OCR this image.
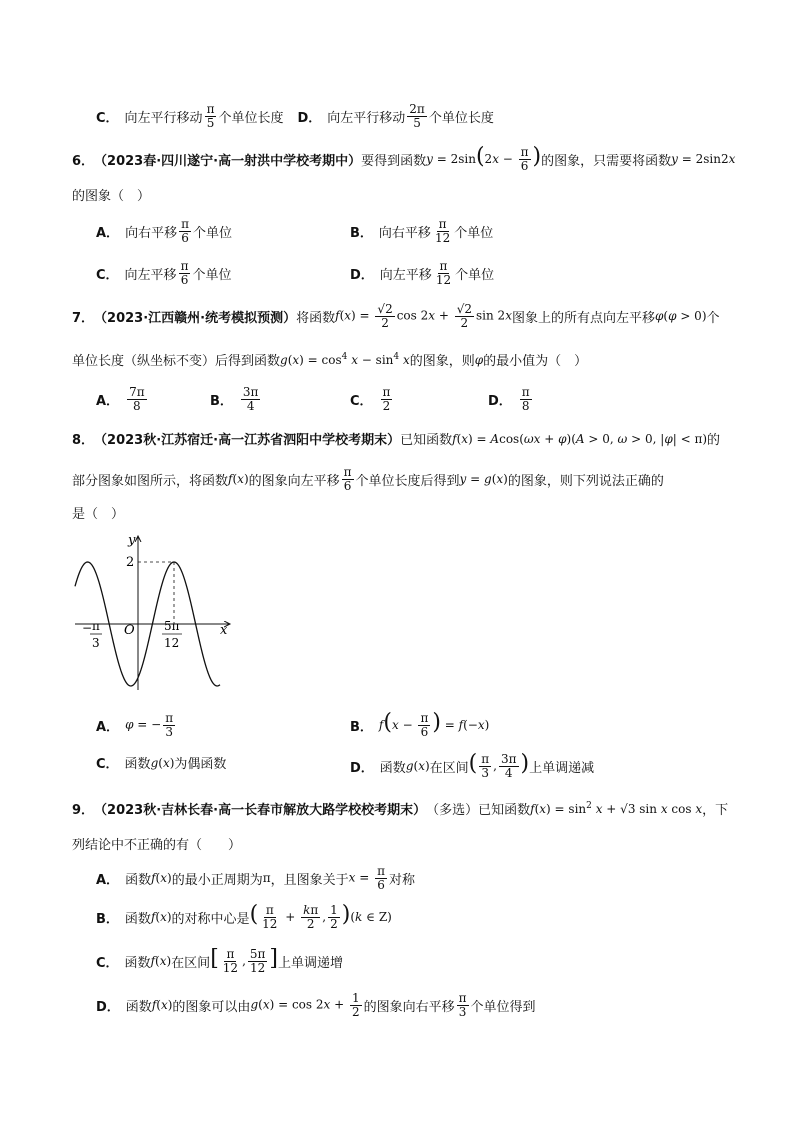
C． 向左平行移动 $\frac{\pi}{5}$ 个单位长度 D． 向左平行移动 $\frac{2\pi}{5}$ 个单位长度
6． （2023春·四川遂宁·高一射洪中学校考期中） 要得到函数 $y = 2\sin(2x - \frac{\pi}{6}$ ) 的图象，只需要将函数 y = 2sin2x
的图象（　）
A． 向右平移 $\frac{\pi}{6}$ 个单位	B． 向右平移 $\frac{\pi}{12}$ 个单位
C． 向左平移 $\frac{\pi}{6}$ 个单位	D． 向左平移 $\frac{\pi}{12}$ 个单位
7． （2023·江西赣州·统考模拟预测） 将函数 $f(x) = \frac{√2}{2}$ $\cos 2x + \frac{√2}{2}$ sin 2x 图象上的所有点向左平移 φ(φ > 0) 个
单位长度（纵坐标不变）后得到函数 $g(x) = \cos^4 x - \sin^4 x$ 的图象，则 φ 的最小值为（　）
A． $\frac{7\pi}{8}$	B． $\frac{3\pi}{4}$	C． $\frac{\pi}{2}$	D． $\frac{\pi}{8}$
8． （2023秋·江苏宿迁·高一江苏省泗阳中学校考期末） 已知函数 f(x) = Acos(ωx + φ)(A > 0, ω > 0, |φ| < π) 的
部分图象如图所示，将函数 f(x) 的图象向左平移 $\frac{\pi}{6}$ 个单位长度后得到 y = g(x) 的图象，则下列说法正确的
是（　）
y
x
O
2
− π
3
5π
12
A． φ = − $\frac{\pi}{3}$	B． $f(x - \frac{\pi}{6}$ ) = f(−x)
C． 函数 g(x) 为偶函数	D． 函数 g(x) 在区间 ( $\frac{\pi}{3}$ , $\frac{3\pi}{4}$ ) 上单调递减
9． （2023秋·吉林长春·高一长春市解放大路学校校考期末） （多选）已知函数 $f(x) = \sin^2 x + √3$ sin x cos x ，下
列结论中不正确的有（　　）
A． 函数 f(x) 的最小正周期为 π ，且图象关于 $x = \frac{\pi}{6}$ 对称
B． 函数 f(x) 的对称中心是 ( $\frac{\pi}{12} + \frac{k\pi}{2}$ , $\frac{1}{2} )(k$ ∈ Z)
C． 函数 f(x) 在区间 [ $\frac{\pi}{12}$ , $\frac{5\pi}{12}$ ] 上单调递增
D． 函数 f(x) 的图象可以由 $g(x) = \cos 2x + \frac{1}{2}$ 的图象向右平移 $\frac{\pi}{3}$ 个单位得到
